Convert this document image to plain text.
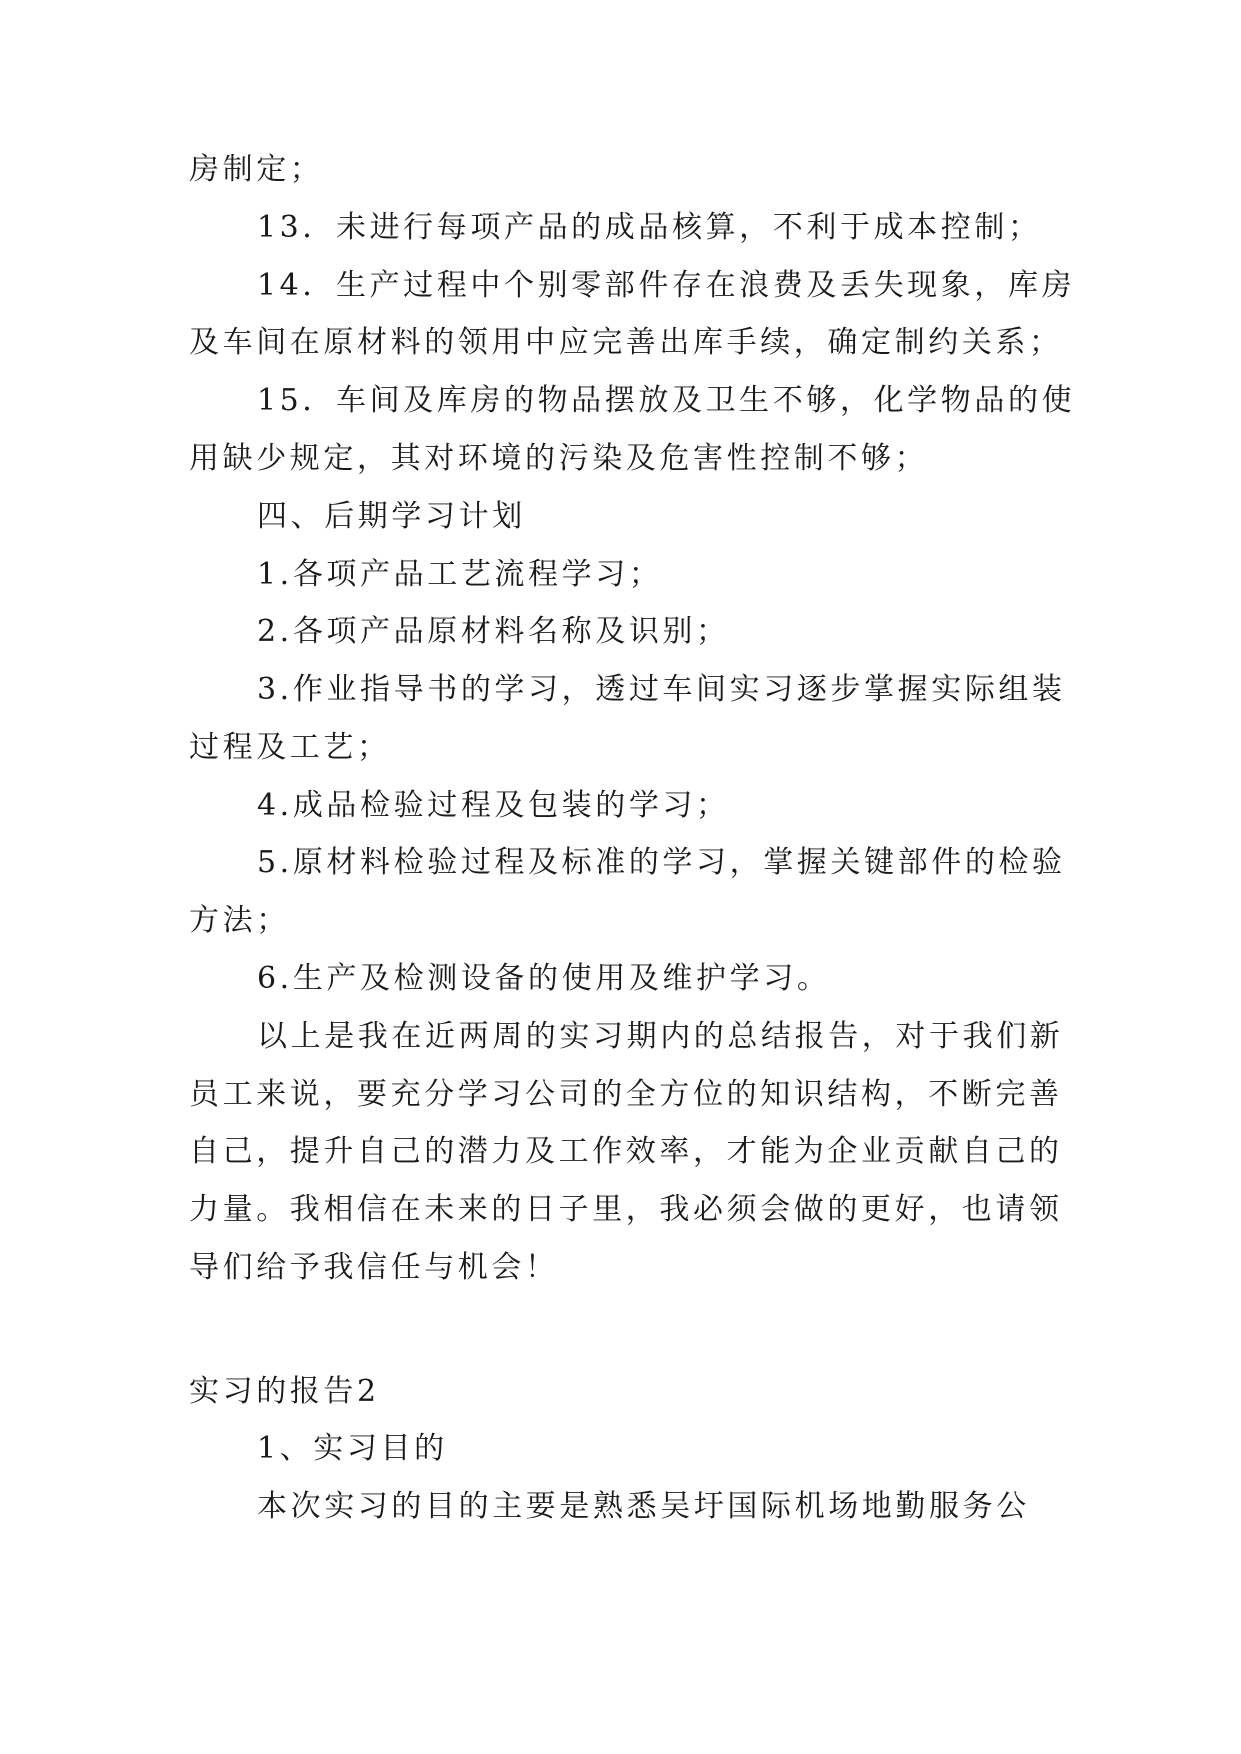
房制定；
13．未进行每项产品的成品核算，不利于成本控制；
14．生产过程中个别零部件存在浪费及丢失现象，库房
及车间在原材料的领用中应完善出库手续，确定制约关系；
15．车间及库房的物品摆放及卫生不够，化学物品的使
用缺少规定，其对环境的污染及危害性控制不够；
四、后期学习计划
1.各项产品工艺流程学习；
2.各项产品原材料名称及识别；
3.作业指导书的学习，透过车间实习逐步掌握实际组装
过程及工艺；
4.成品检验过程及包装的学习；
5.原材料检验过程及标准的学习，掌握关键部件的检验
方法；
6.生产及检测设备的使用及维护学习。
以上是我在近两周的实习期内的总结报告，对于我们新
员工来说，要充分学习公司的全方位的知识结构，不断完善
自己，提升自己的潜力及工作效率，才能为企业贡献自己的
力量。我相信在未来的日子里，我必须会做的更好，也请领
导们给予我信任与机会！
实习的报告2
1、实习目的
本次实习的目的主要是熟悉吴圩国际机场地勤服务公
